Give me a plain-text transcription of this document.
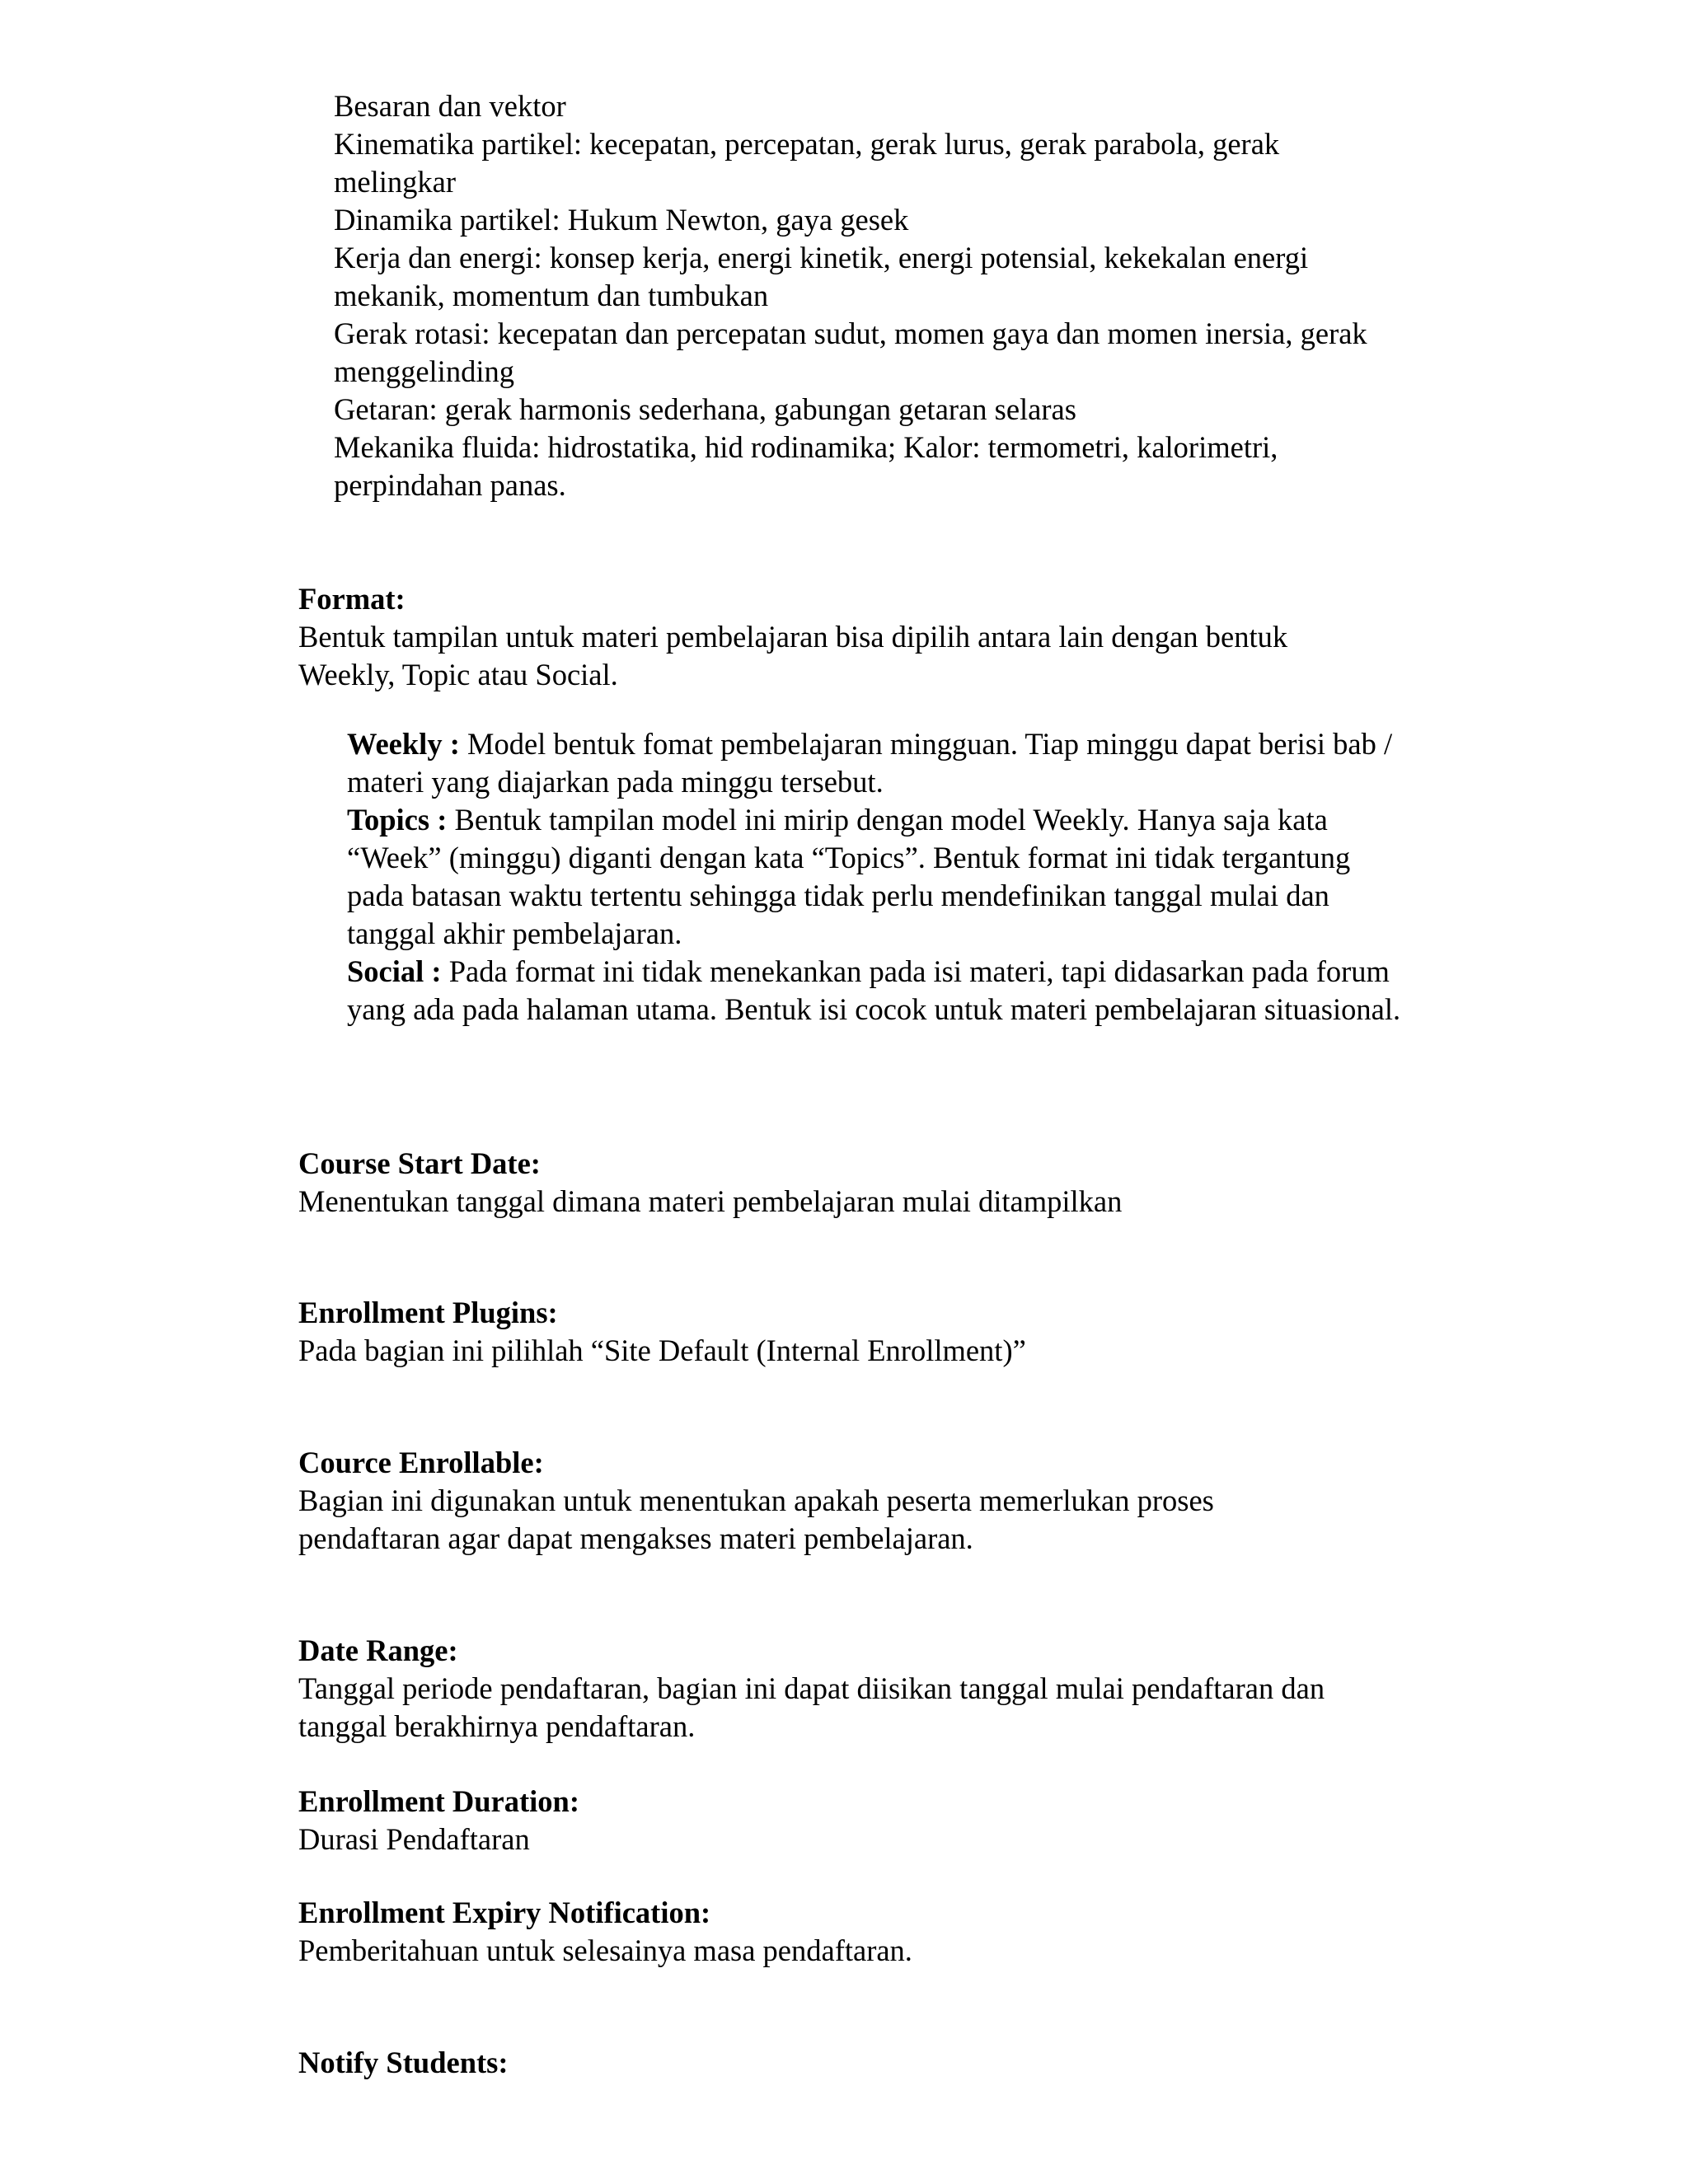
Besaran dan vektor
Kinematika partikel: kecepatan, percepatan, gerak lurus, gerak parabola, gerak melingkar
Dinamika partikel: Hukum Newton, gaya gesek
Kerja dan energi: konsep kerja, energi kinetik, energi potensial, kekekalan energi mekanik, momentum dan tumbukan
Gerak rotasi: kecepatan dan percepatan sudut, momen gaya dan momen inersia, gerak menggelinding
Getaran: gerak harmonis sederhana, gabungan getaran selaras
Mekanika fluida: hidrostatika, hid rodinamika; Kalor: termometri, kalorimetri, perpindahan panas.

Format:

Bentuk tampilan untuk materi pembelajaran bisa dipilih antara lain dengan bentuk Weekly, Topic atau Social.

Weekly : Model bentuk fomat pembelajaran mingguan. Tiap minggu dapat berisi bab / materi yang diajarkan pada minggu tersebut.

Topics : Bentuk tampilan model ini mirip dengan model Weekly. Hanya saja kata “Week” (minggu) diganti dengan kata “Topics”. Bentuk format ini tidak tergantung pada batasan waktu tertentu sehingga tidak perlu mendefinikan tanggal mulai dan tanggal akhir pembelajaran.

Social : Pada format ini tidak menekankan pada isi materi, tapi didasarkan pada forum yang ada pada halaman utama. Bentuk isi cocok untuk materi pembelajaran situasional.

Course Start Date:

Menentukan tanggal dimana materi pembelajaran mulai ditampilkan

Enrollment Plugins:

Pada bagian ini pilihlah “Site Default (Internal Enrollment)”

Cource Enrollable:

Bagian ini digunakan untuk menentukan apakah peserta memerlukan proses pendaftaran agar dapat mengakses materi pembelajaran.

Date Range:

Tanggal periode pendaftaran, bagian ini dapat diisikan tanggal mulai pendaftaran dan tanggal berakhirnya pendaftaran.

Enrollment Duration:

Durasi Pendaftaran

Enrollment Expiry Notification:

Pemberitahuan untuk selesainya masa pendaftaran.

Notify Students:
